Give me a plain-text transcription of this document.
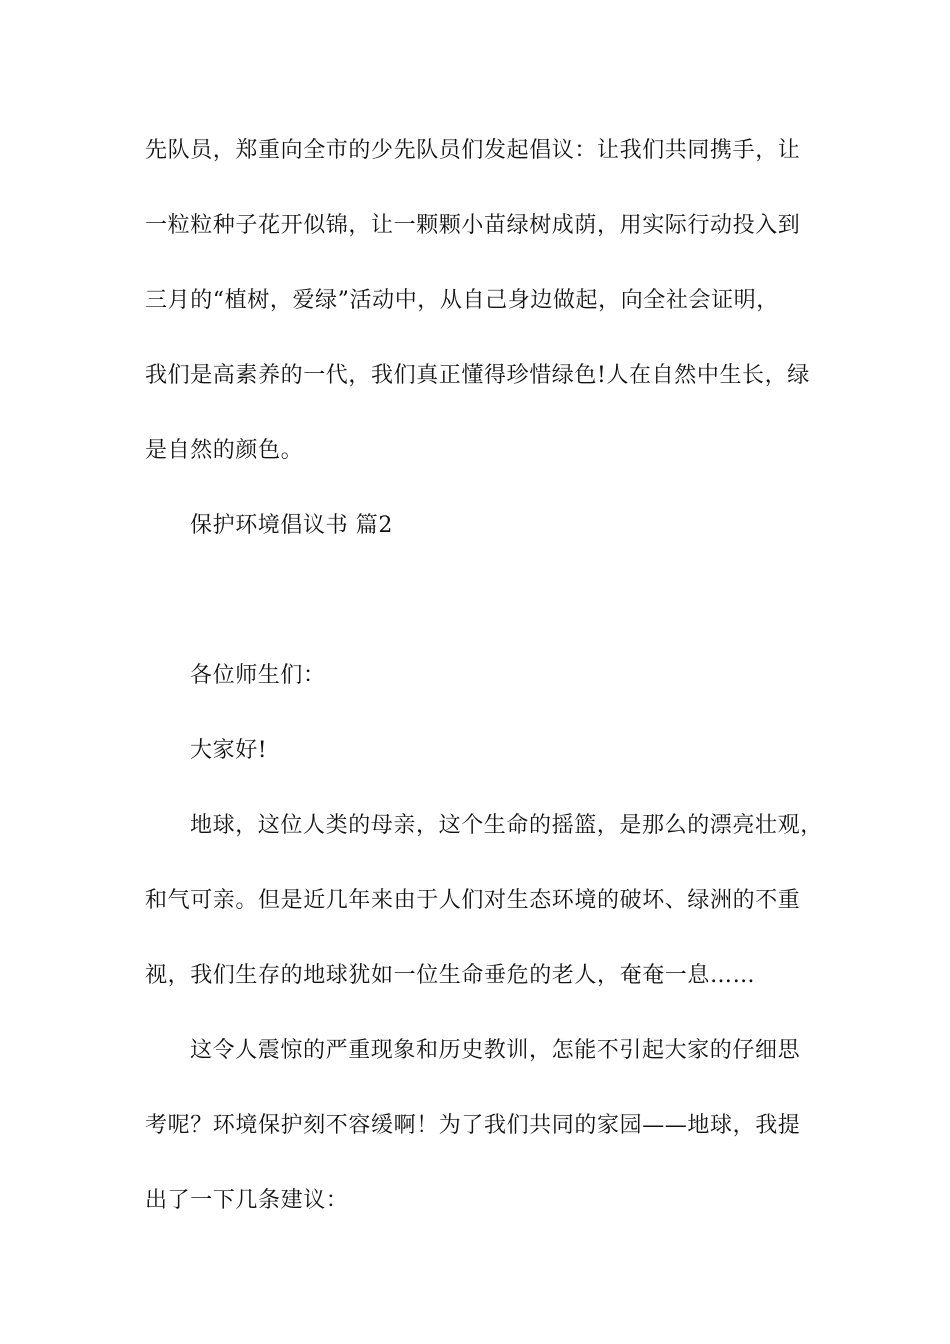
先队员，郑重向全市的少先队员们发起倡议：让我们共同携手，让
一粒粒种子花开似锦，让一颗颗小苗绿树成荫，用实际行动投入到
三月的“植树，爱绿”活动中，从自己身边做起，向全社会证明，
我们是高素养的一代，我们真正懂得珍惜绿色!人在自然中生长，绿
是自然的颜色。
保护环境倡议书 篇2
各位师生们：
大家好!
地球，这位人类的母亲，这个生命的摇篮，是那么的漂亮壮观，
和气可亲。但是近几年来由于人们对生态环境的破坏、绿洲的不重
视，我们生存的地球犹如一位生命垂危的老人，奄奄一息……
这令人震惊的严重现象和历史教训，怎能不引起大家的仔细思
考呢？环境保护刻不容缓啊！为了我们共同的家园——地球，我提
出了一下几条建议：
